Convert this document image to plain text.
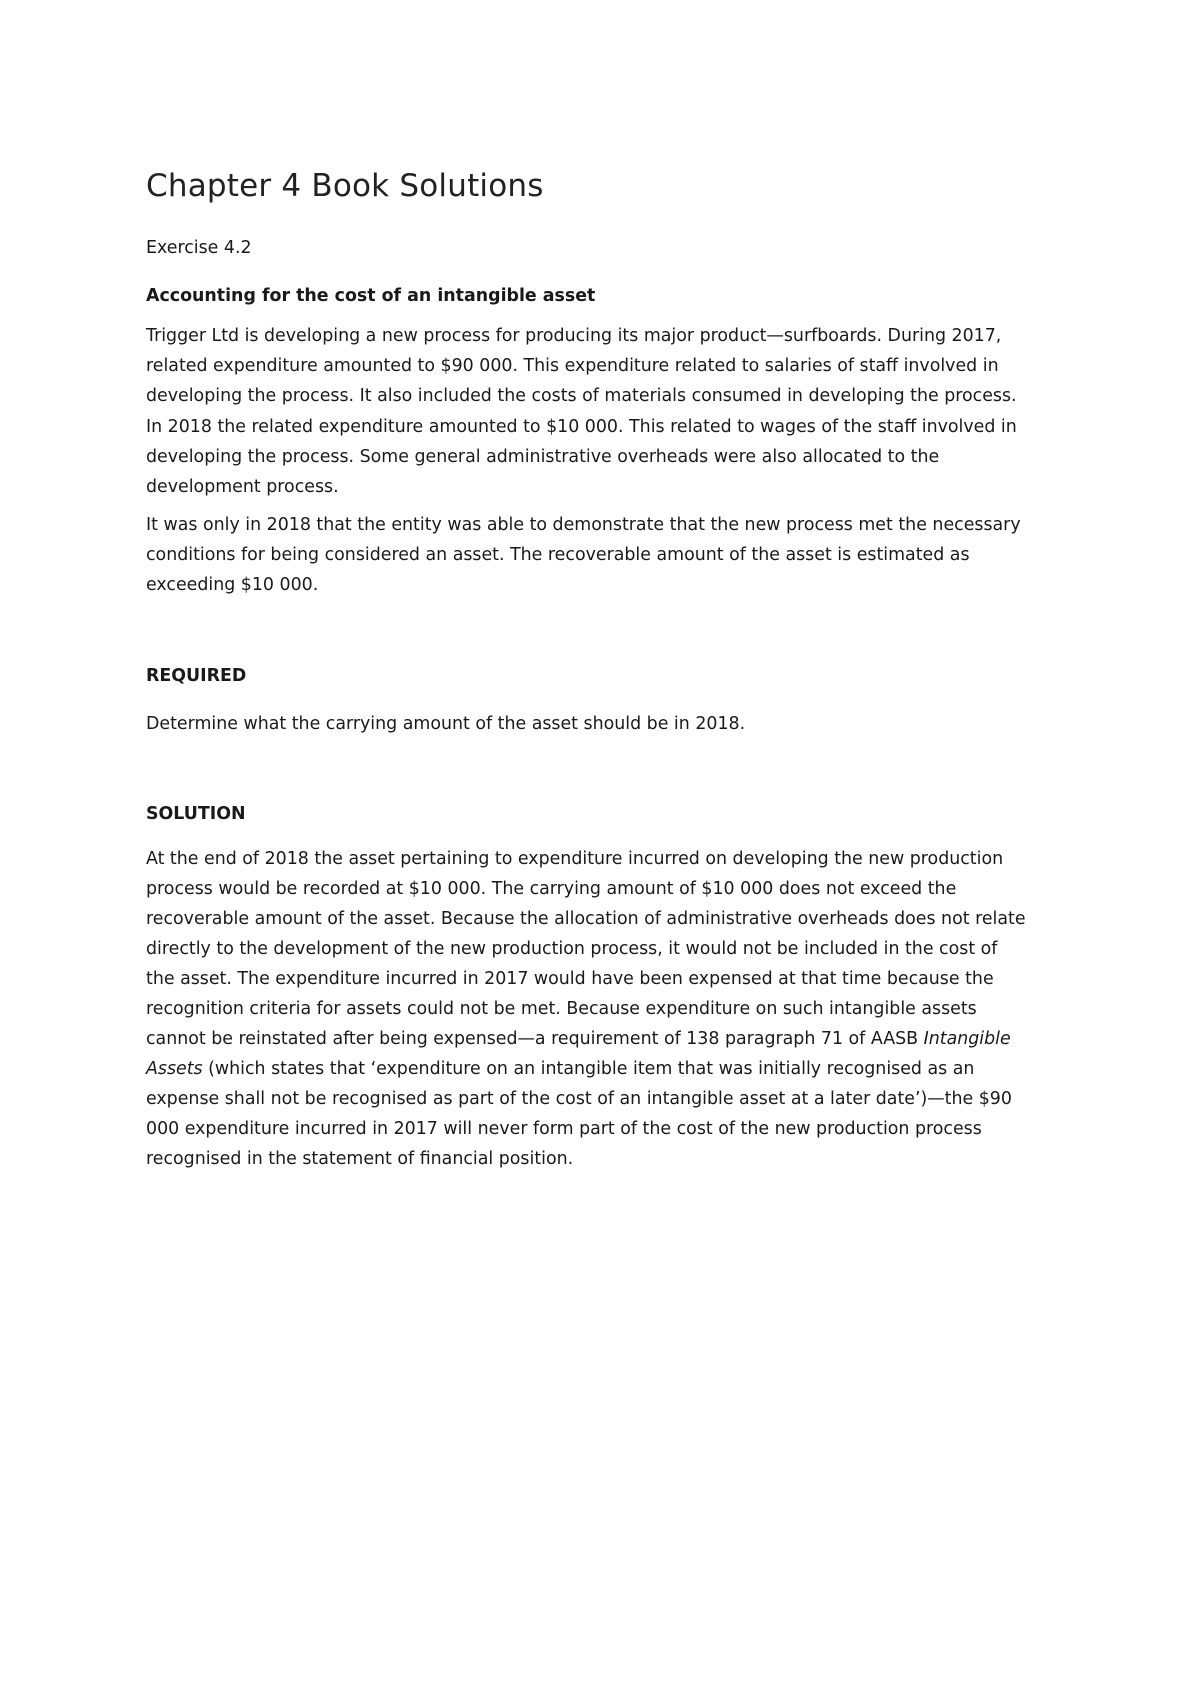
Chapter 4 Book Solutions

Exercise 4.2

Accounting for the cost of an intangible asset

Trigger Ltd is developing a new process for producing its major product—surfboards. During 2017,
related expenditure amounted to $90 000. This expenditure related to salaries of staff involved in
developing the process. It also included the costs of materials consumed in developing the process.
In 2018 the related expenditure amounted to $10 000. This related to wages of the staff involved in
developing the process. Some general administrative overheads were also allocated to the
development process.
It was only in 2018 that the entity was able to demonstrate that the new process met the necessary
conditions for being considered an asset. The recoverable amount of the asset is estimated as
exceeding $10 000.

REQUIRED

Determine what the carrying amount of the asset should be in 2018.

SOLUTION

At the end of 2018 the asset pertaining to expenditure incurred on developing the new production
process would be recorded at $10 000. The carrying amount of $10 000 does not exceed the
recoverable amount of the asset. Because the allocation of administrative overheads does not relate
directly to the development of the new production process, it would not be included in the cost of
the asset. The expenditure incurred in 2017 would have been expensed at that time because the
recognition criteria for assets could not be met. Because expenditure on such intangible assets
cannot be reinstated after being expensed—a requirement of 138 paragraph 71 of AASB Intangible
Assets (which states that ‘expenditure on an intangible item that was initially recognised as an
expense shall not be recognised as part of the cost of an intangible asset at a later date’)—the $90
000 expenditure incurred in 2017 will never form part of the cost of the new production process
recognised in the statement of financial position.
